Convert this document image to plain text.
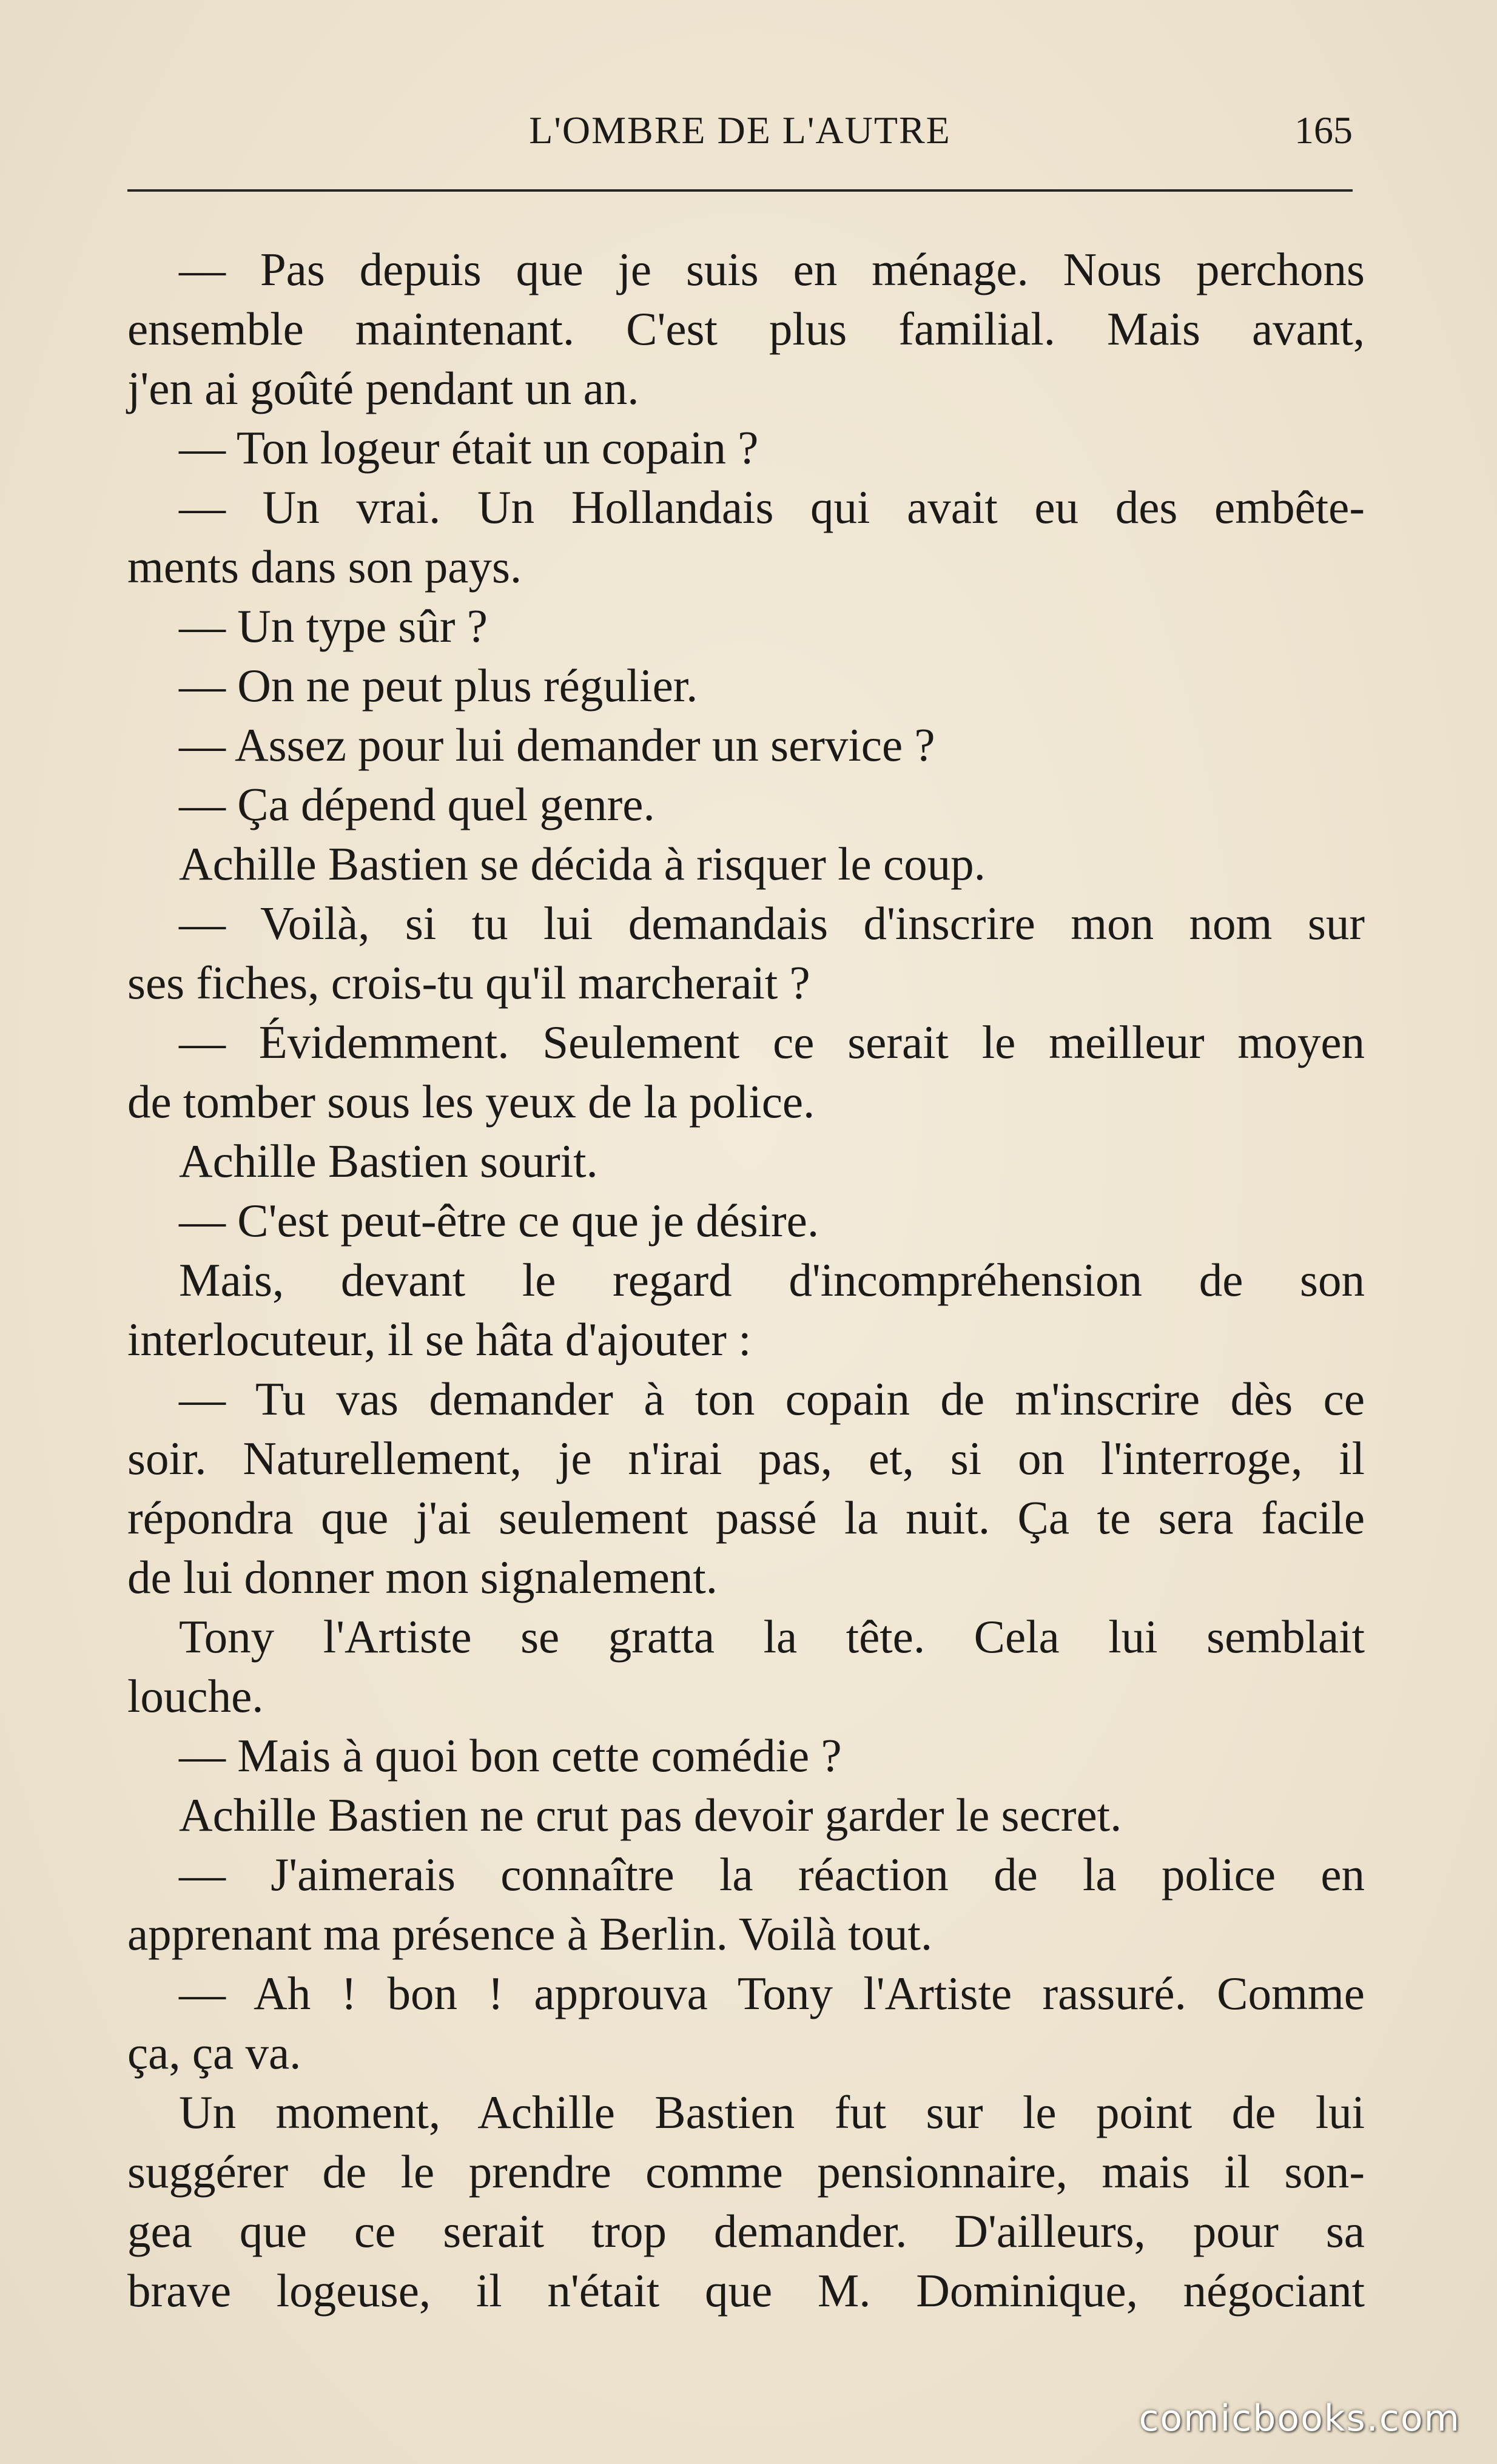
L'OMBRE DE L'AUTRE	165
— Pas depuis que je suis en ménage. Nous perchons
ensemble maintenant. C'est plus familial. Mais avant,
j'en ai goûté pendant un an.
— Ton logeur était un copain ?
— Un vrai. Un Hollandais qui avait eu des embête-
ments dans son pays.
— Un type sûr ?
— On ne peut plus régulier.
— Assez pour lui demander un service ?
— Ça dépend quel genre.
Achille Bastien se décida à risquer le coup.
— Voilà, si tu lui demandais d'inscrire mon nom sur
ses fiches, crois-tu qu'il marcherait ?
— Évidemment. Seulement ce serait le meilleur moyen
de tomber sous les yeux de la police.
Achille Bastien sourit.
— C'est peut-être ce que je désire.
Mais, devant le regard d'incompréhension de son
interlocuteur, il se hâta d'ajouter :
— Tu vas demander à ton copain de m'inscrire dès ce
soir. Naturellement, je n'irai pas, et, si on l'interroge, il
répondra que j'ai seulement passé la nuit. Ça te sera facile
de lui donner mon signalement.
Tony l'Artiste se gratta la tête. Cela lui semblait
louche.
— Mais à quoi bon cette comédie ?
Achille Bastien ne crut pas devoir garder le secret.
— J'aimerais connaître la réaction de la police en
apprenant ma présence à Berlin. Voilà tout.
— Ah ! bon ! approuva Tony l'Artiste rassuré. Comme
ça, ça va.
Un moment, Achille Bastien fut sur le point de lui
suggérer de le prendre comme pensionnaire, mais il son-
gea que ce serait trop demander. D'ailleurs, pour sa
brave logeuse, il n'était que M. Dominique, négociant
comicbooks.com
